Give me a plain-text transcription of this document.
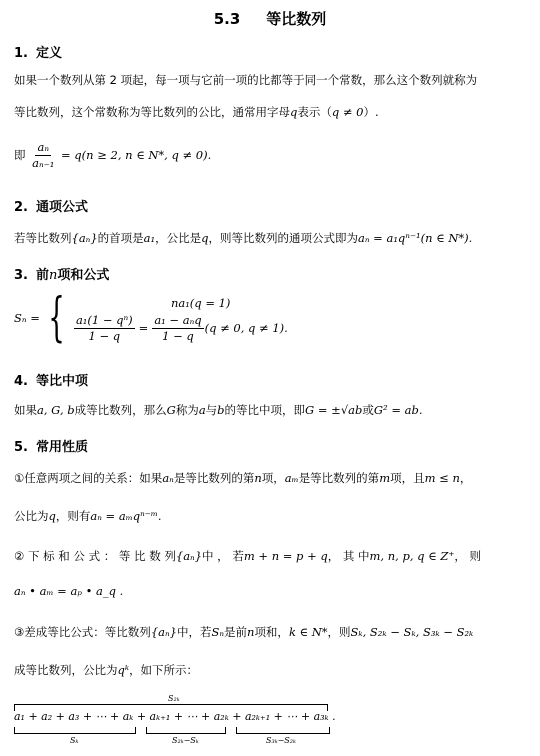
5.3 等比数列
1. 定义
如果一个数列从第 2 项起，每一项与它前一项的比都等于同一个常数，那么这个数列就称为
等比数列，这个常数称为等比数列的公比，通常用字母q表示（q ≠ 0）.
即 $\frac{\text{aₙ}}{\text{aₙ₋₁}} = q(n \ge 2$, n ∈ N*, q ≠ 0).
2. 通项公式
若等比数列{aₙ}的首项是a₁，公比是q，则等比数列的通项公式即为aₙ = a₁qⁿ⁻¹(n ∈ N*).
3. 前n项和公式
Sₙ = {	na₁(q = 1)
$\frac{\text{a₁(1 − qⁿ)}}{1 - q} = \frac{\text{a₁ − aₙq}}{1 - q} (q \ne 0$, q ≠ 1) .
4. 等比中项
如果a, G, b成等比数列，那么G称为a与b的等比中项，即G = ±√ab或G² = ab.
5. 常用性质
①任意两项之间的关系：如果aₙ是等比数列的第n项，aₘ是等比数列的第m项，且m ≤ n，
公比为q，则有aₙ = aₘqⁿ⁻ᵐ.
② 下 标 和 公 式 ： 等 比 数 列{aₙ}中 ， 若m + n = p + q， 其 中m, n, p, q ∈ Z⁺， 则
aₙ • aₘ = aₚ • a_q .
③差成等比公式：等比数列{aₙ}中，若Sₙ是前n项和，k ∈ N*，则Sₖ, S₂ₖ − Sₖ, S₃ₖ − S₂ₖ
成等比数列，公比为qᵏ，如下所示：
S₂ₖ
a₁ + a₂ + a₃ + ⋯ + aₖ + aₖ₊₁ + ⋯ + a₂ₖ + a₂ₖ₊₁ + ⋯ + a₃ₖ .
Sₖ	S₂ₖ−Sₖ	S₃ₖ−S₂ₖ
